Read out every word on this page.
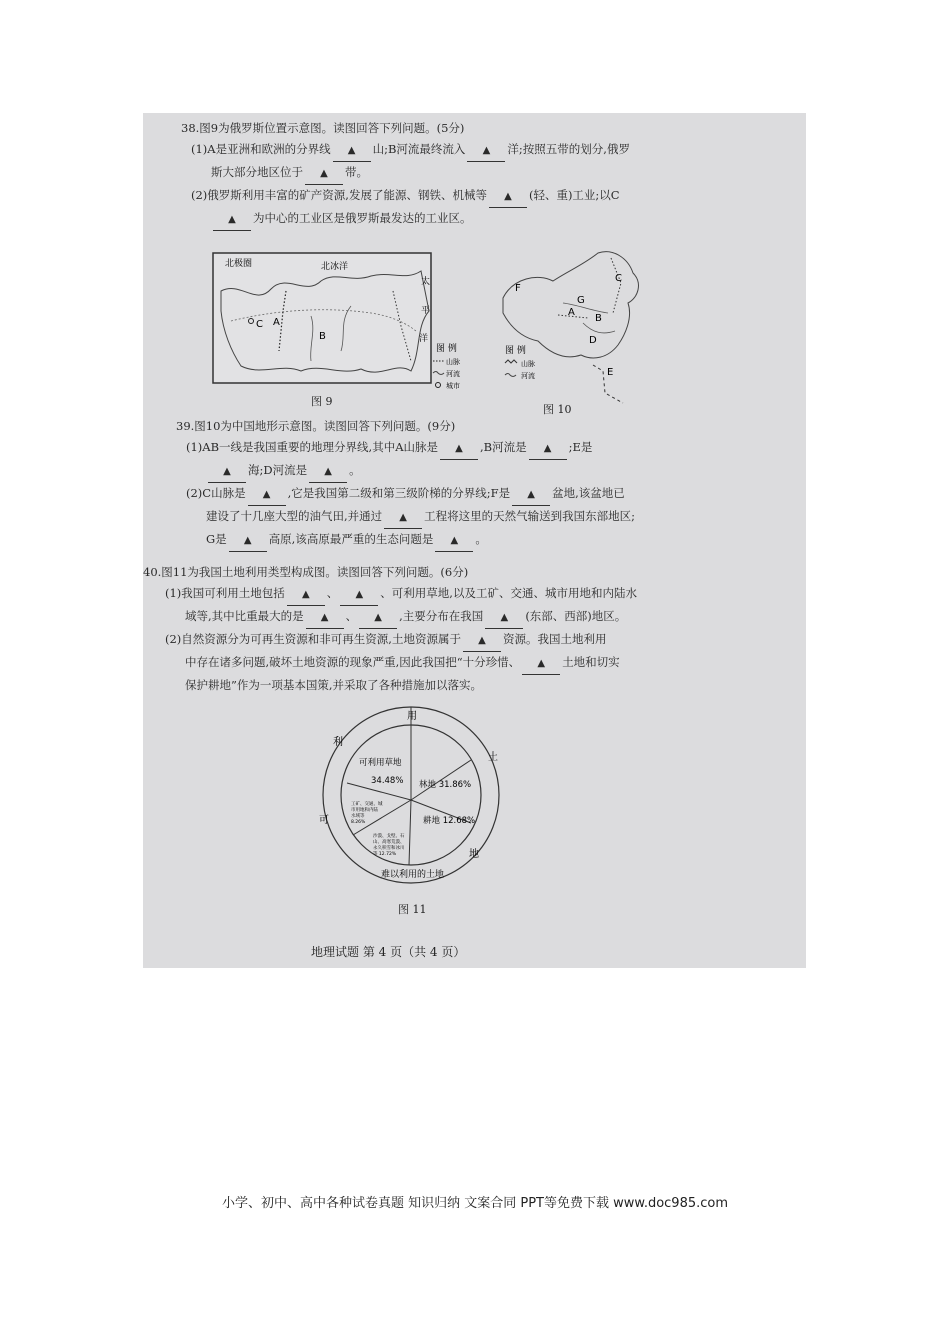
38.图9为俄罗斯位置示意图。读图回答下列问题。(5分)
(1)A是亚洲和欧洲的分界线 ▲ 山;B河流最终流入 ▲ 洋;按照五带的划分,俄罗
斯大部分地区位于 ▲ 带。
(2)俄罗斯利用丰富的矿产资源,发展了能源、钢铁、机械等 ▲ (轻、重)工业;以C
▲ 为中心的工业区是俄罗斯最发达的工业区。
北极圈	北冰洋
太
平
洋
C A
B
图 例
山脉
河流
城市
图 9
F
C
G
A
B
D
E
图 例
山脉
河流
图 10
39.图10为中国地形示意图。读图回答下列问题。(9分)
(1)AB一线是我国重要的地理分界线,其中A山脉是 ▲ ,B河流是 ▲ ;E是
▲ 海;D河流是 ▲ 。
(2)C山脉是 ▲ ,它是我国第二级和第三级阶梯的分界线;F是 ▲ 盆地,该盆地已
建设了十几座大型的油气田,并通过 ▲ 工程将这里的天然气输送到我国东部地区;
G是 ▲ 高原,该高原最严重的生态问题是 ▲ 。
40.图11为我国土地利用类型构成图。读图回答下列问题。(6分)
(1)我国可利用土地包括 ▲ 、 ▲ 、可利用草地,以及工矿、交通、城市用地和内陆水
域等,其中比重最大的是 ▲ 、 ▲ ,主要分布在我国 ▲ (东部、西部)地区。
(2)自然资源分为可再生资源和非可再生资源,土地资源属于 ▲ 资源。我国土地利用
中存在诸多问题,破坏土地资源的现象严重,因此我国把“十分珍惜、 ▲ 土地和切实
保护耕地”作为一项基本国策,并采取了各种措施加以落实。
用
土
地
可
利
可利用草地
34.48% 林地 31.86%
耕地 12.68%
工矿、交通、城
市用地和内陆
水域等
8.26%
沙漠、戈壁、石
山、高寒荒漠、
永久积雪和冰川
等 12.72%
难以利用的土地
图 11
地理试题 第 4 页（共 4 页）
小学、初中、高中各种试卷真题 知识归纳 文案合同 PPT等免费下载 www.doc985.com
